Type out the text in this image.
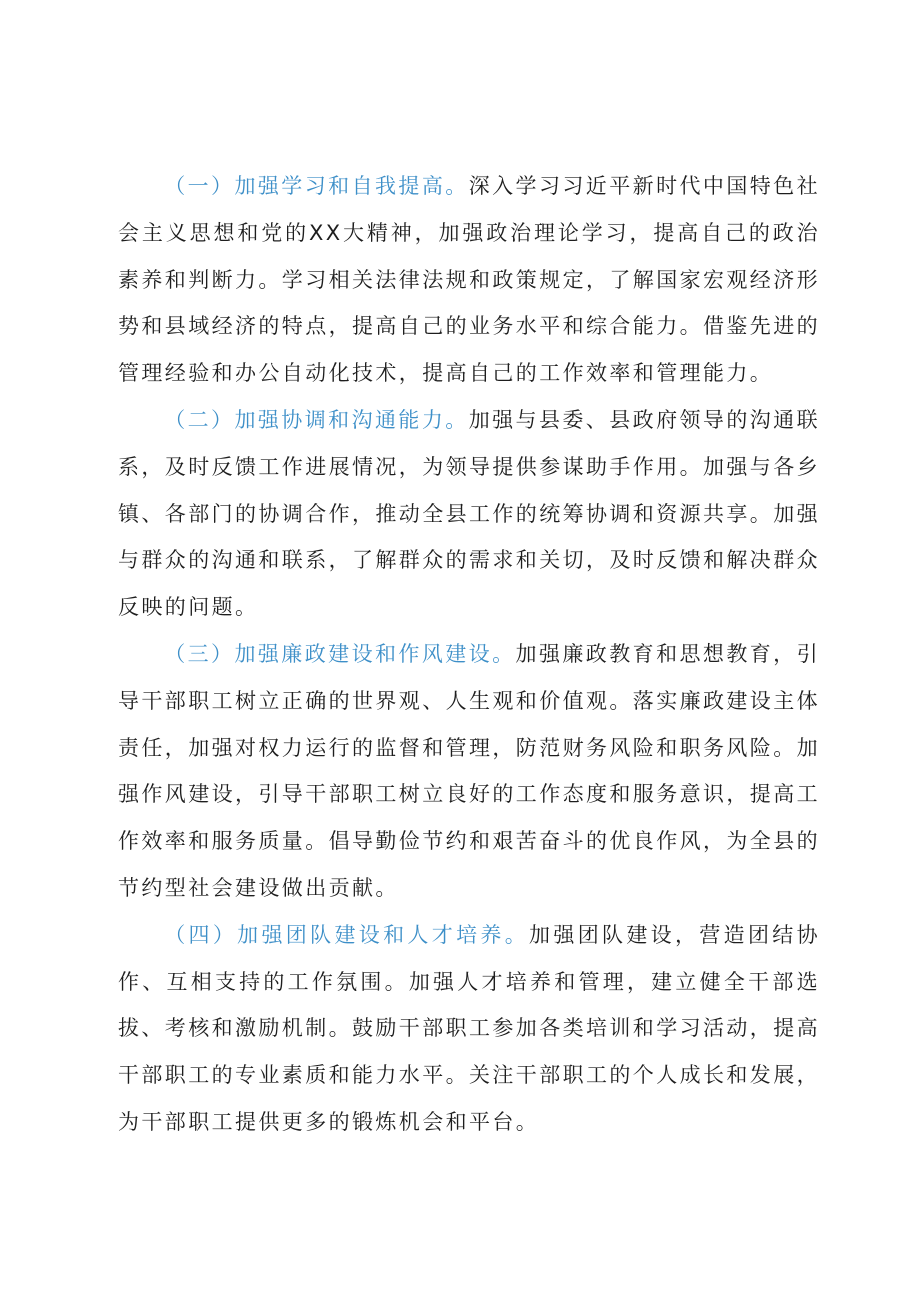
（一）加强学习和自我提高。深入学习习近平新时代中国特色社会主义思想和党的XX大精神，加强政治理论学习，提高自己的政治素养和判断力。学习相关法律法规和政策规定，了解国家宏观经济形势和县域经济的特点，提高自己的业务水平和综合能力。借鉴先进的管理经验和办公自动化技术，提高自己的工作效率和管理能力。

（二）加强协调和沟通能力。加强与县委、县政府领导的沟通联系，及时反馈工作进展情况，为领导提供参谋助手作用。加强与各乡镇、各部门的协调合作，推动全县工作的统筹协调和资源共享。加强与群众的沟通和联系，了解群众的需求和关切，及时反馈和解决群众反映的问题。

（三）加强廉政建设和作风建设。加强廉政教育和思想教育，引导干部职工树立正确的世界观、人生观和价值观。落实廉政建设主体责任，加强对权力运行的监督和管理，防范财务风险和职务风险。加强作风建设，引导干部职工树立良好的工作态度和服务意识，提高工作效率和服务质量。倡导勤俭节约和艰苦奋斗的优良作风，为全县的节约型社会建设做出贡献。

（四）加强团队建设和人才培养。加强团队建设，营造团结协作、互相支持的工作氛围。加强人才培养和管理，建立健全干部选拔、考核和激励机制。鼓励干部职工参加各类培训和学习活动，提高干部职工的专业素质和能力水平。关注干部职工的个人成长和发展，为干部职工提供更多的锻炼机会和平台。
